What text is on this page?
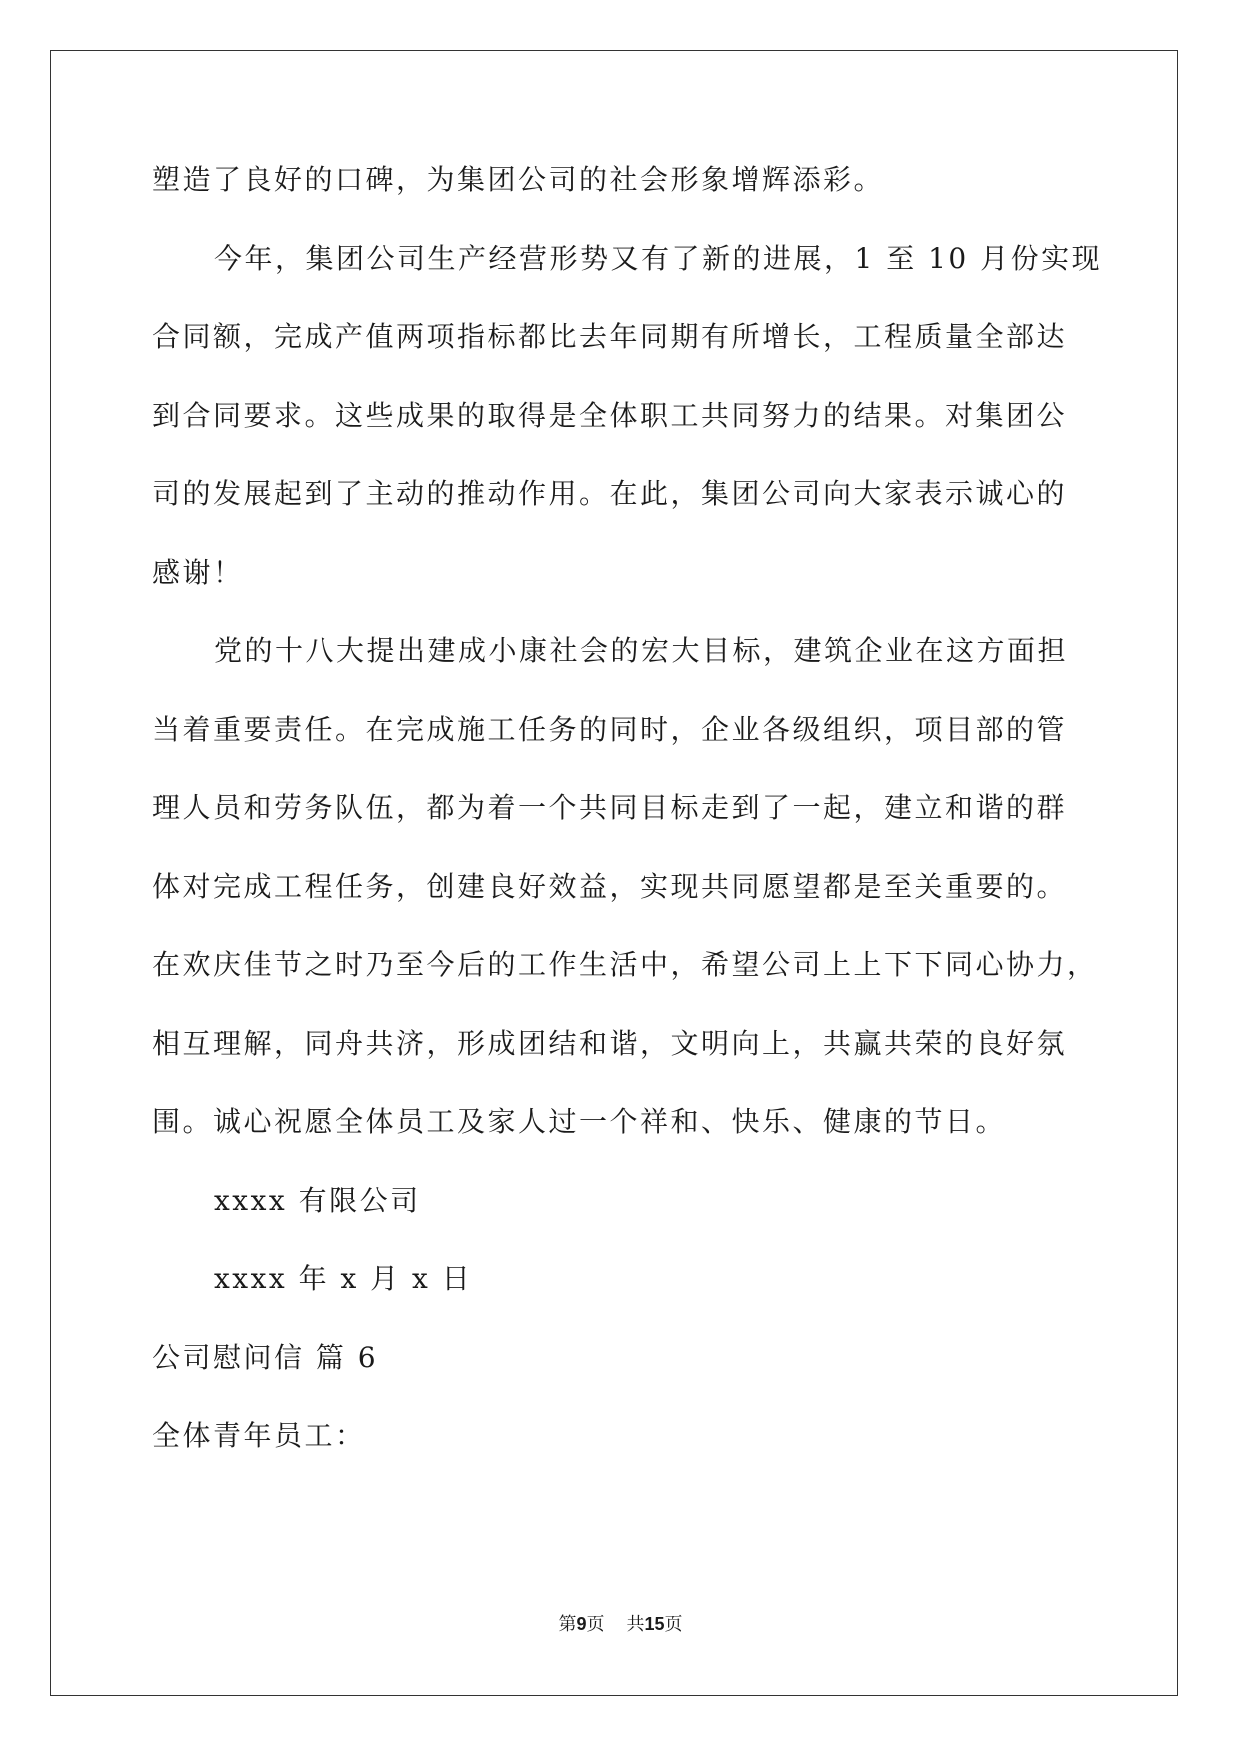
塑造了良好的口碑，为集团公司的社会形象增辉添彩。
今年，集团公司生产经营形势又有了新的进展，1 至 10 月份实现
合同额，完成产值两项指标都比去年同期有所增长，工程质量全部达
到合同要求。这些成果的取得是全体职工共同努力的结果。对集团公
司的发展起到了主动的推动作用。在此，集团公司向大家表示诚心的
感谢！
党的十八大提出建成小康社会的宏大目标，建筑企业在这方面担
当着重要责任。在完成施工任务的同时，企业各级组织，项目部的管
理人员和劳务队伍，都为着一个共同目标走到了一起，建立和谐的群
体对完成工程任务，创建良好效益，实现共同愿望都是至关重要的。
在欢庆佳节之时乃至今后的工作生活中，希望公司上上下下同心协力，
相互理解，同舟共济，形成团结和谐，文明向上，共赢共荣的良好氛
围。诚心祝愿全体员工及家人过一个祥和、快乐、健康的节日。
xxxx 有限公司
xxxx 年 x 月 x 日
公司慰问信 篇 6
全体青年员工：
第9页 共15页
